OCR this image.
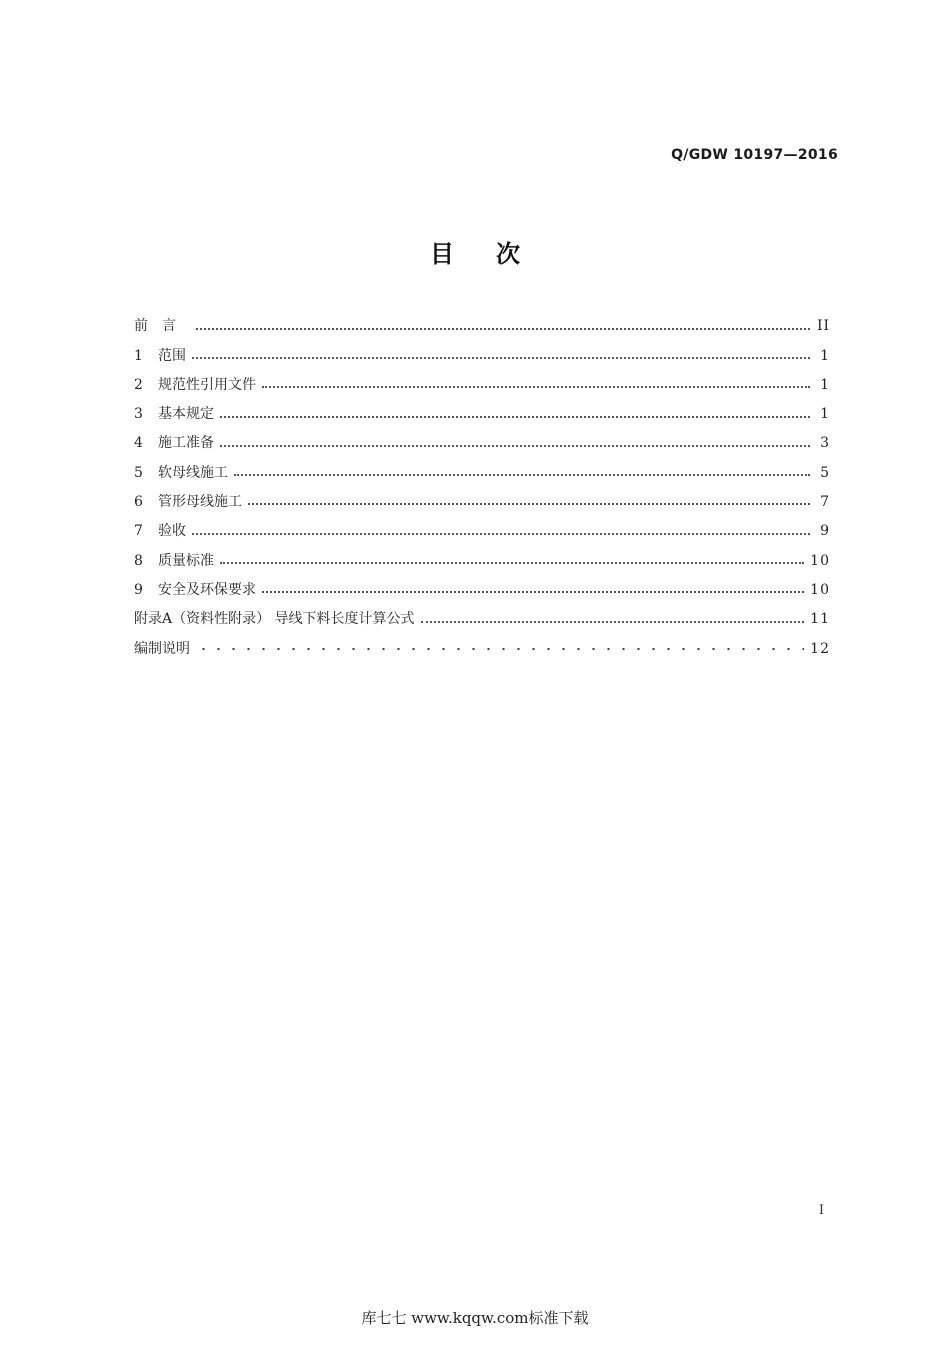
Q/GDW 10197—2016
目次
前言	II
1	范围	1
2	规范性引用文件	1
3	基本规定	1
4	施工准备	3
5	软母线施工	5
6	管形母线施工	7
7	验收	9
8	质量标准	10
9	安全及环保要求	10
附录A（资料性附录） 导线下料长度计算公式	11
编制说明	12
I
库七七 www.kqqw.com标准下载
